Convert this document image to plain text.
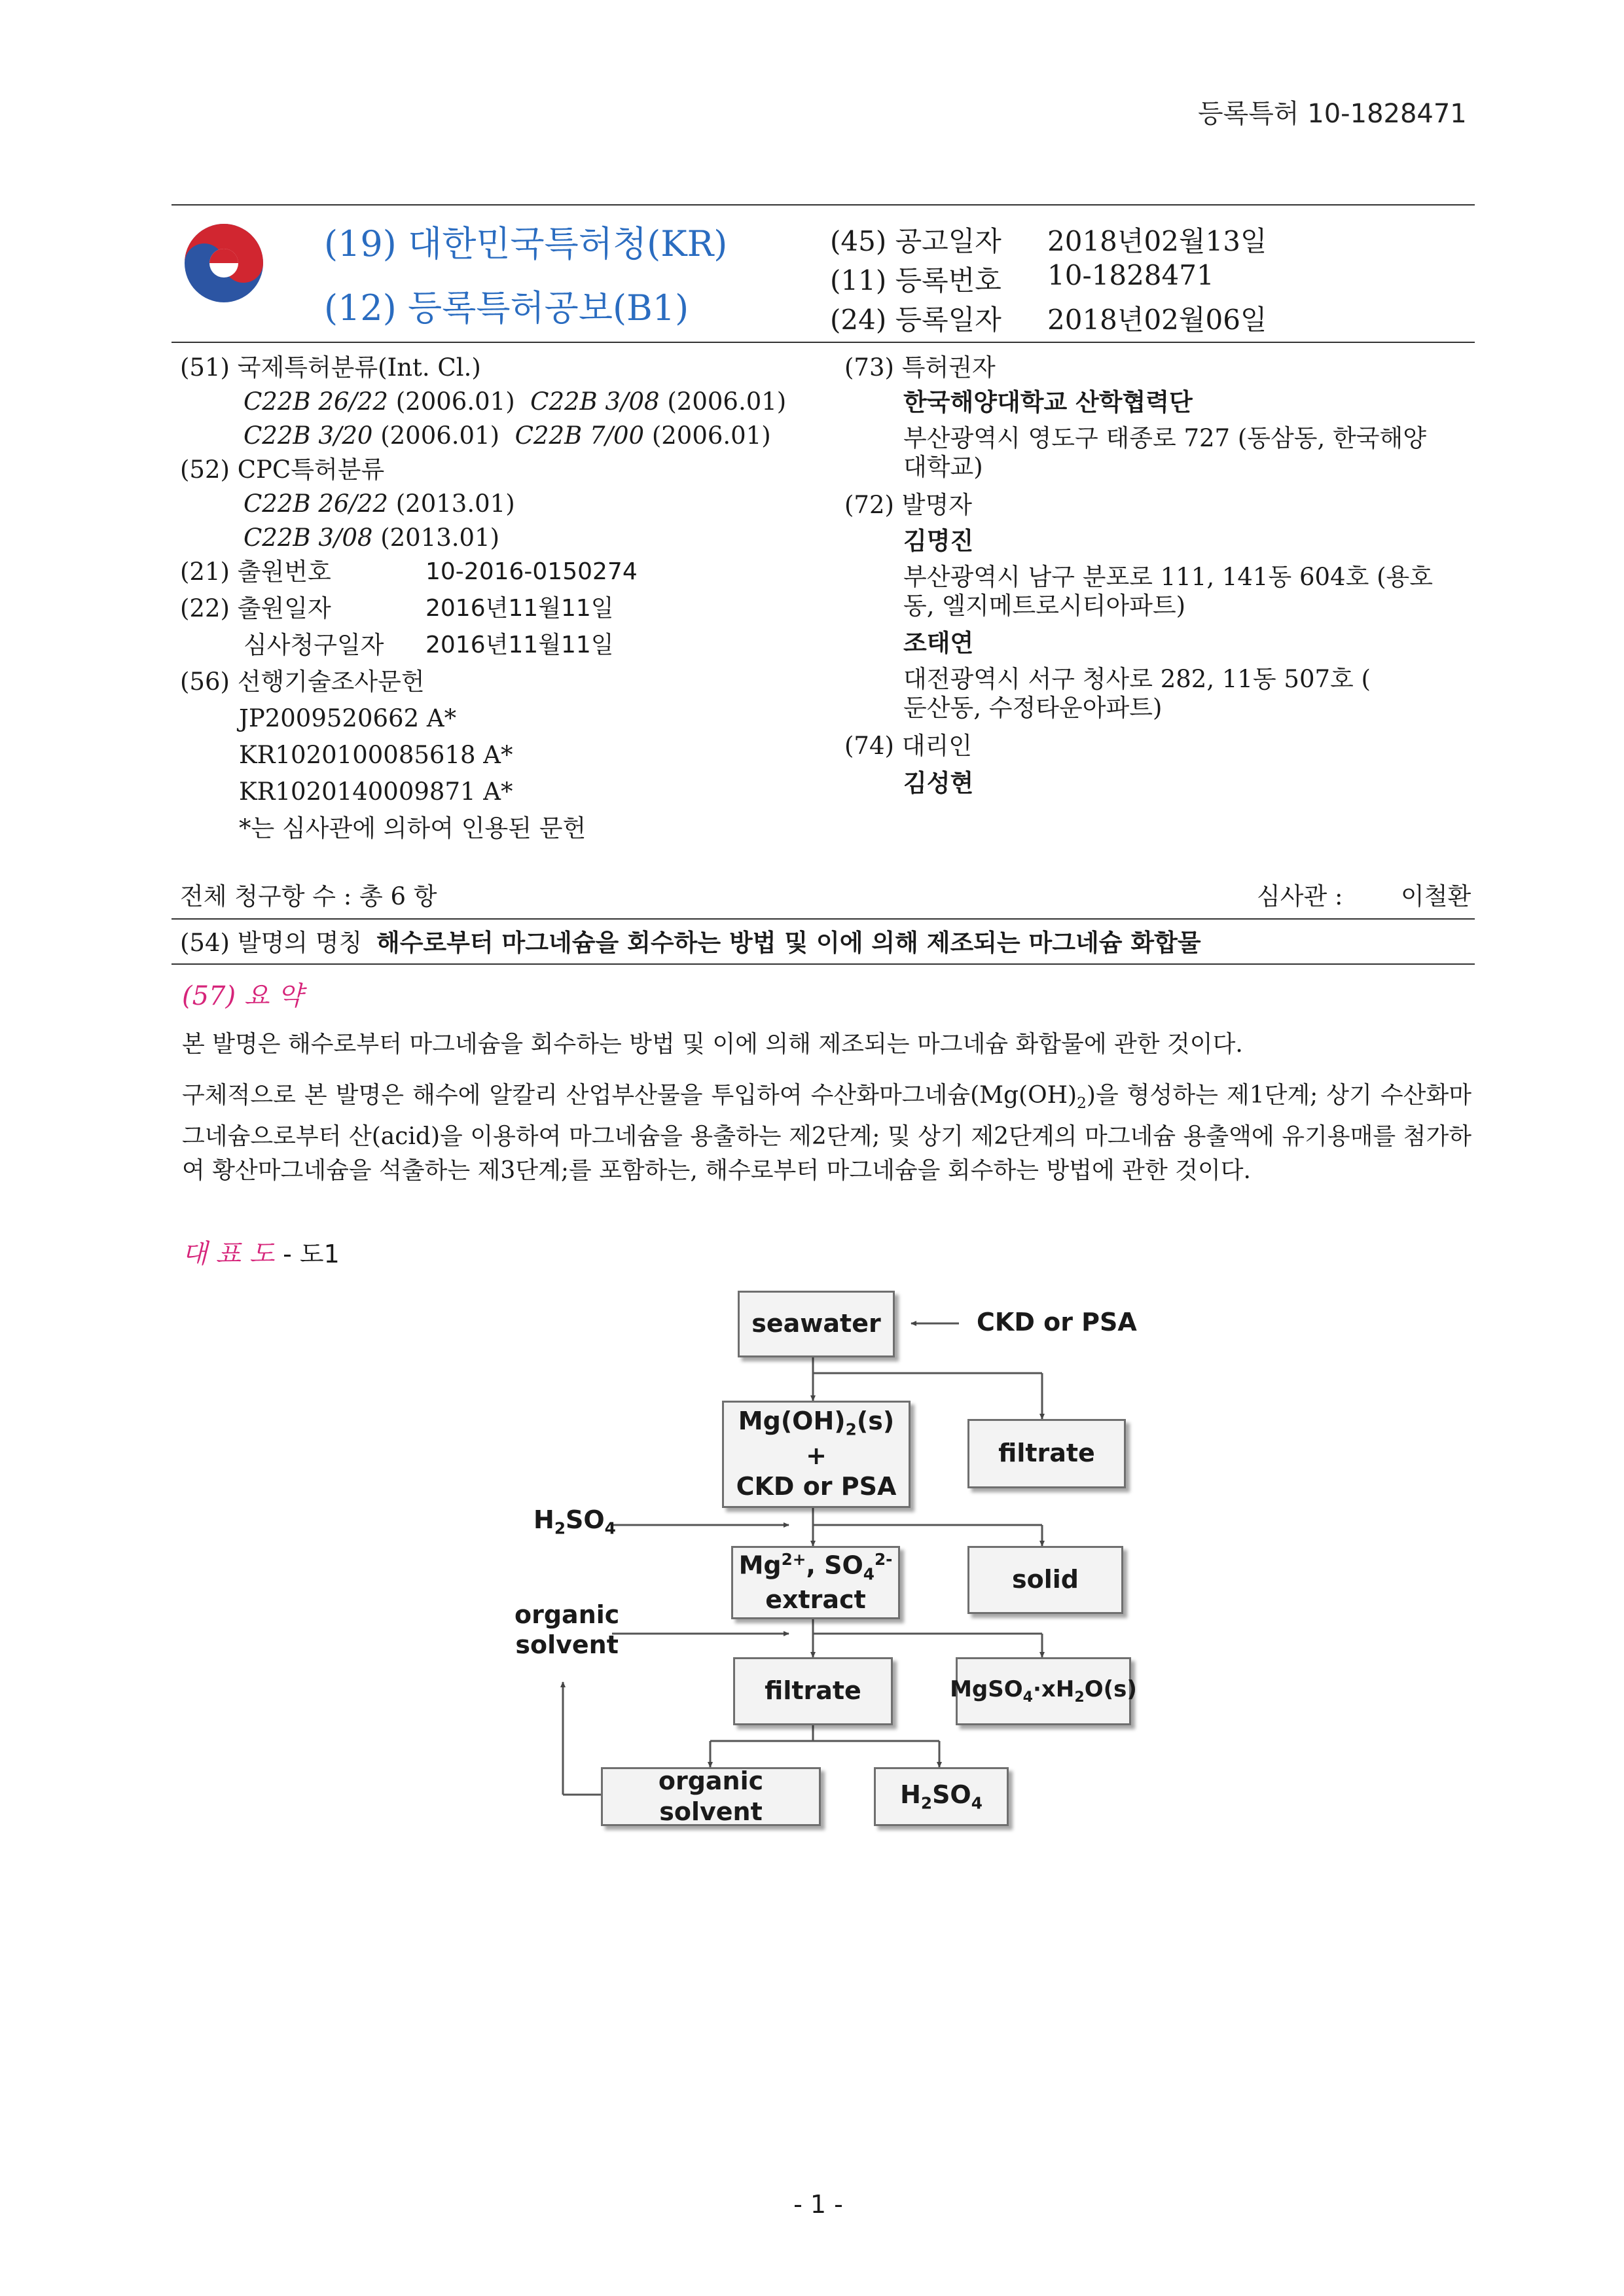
등록특허 10-1828471
(19) 대한민국특허청(KR)
(12) 등록특허공보(B1)
(45) 공고일자 2018년02월13일
(11) 등록번호 10-1828471
(24) 등록일자 2018년02월06일
(51) 국제특허분류(Int. Cl.)
C22B 26/22 (2006.01) C22B 3/08 (2006.01)
C22B 3/20 (2006.01) C22B 7/00 (2006.01)
(52) CPC특허분류
C22B 26/22 (2013.01)
C22B 3/08 (2013.01)
(21) 출원번호	10-2016-0150274
(22) 출원일자	2016년11월11일
심사청구일자 2016년11월11일
(56) 선행기술조사문헌
JP2009520662 A*
KR1020100085618 A*
KR1020140009871 A*
*는 심사관에 의하여 인용된 문헌
(73) 특허권자
한국해양대학교 산학협력단
부산광역시 영도구 태종로 727 (동삼동, 한국해양
대학교)
(72) 발명자
김명진
부산광역시 남구 분포로 111, 141동 604호 (용호
동, 엘지메트로시티아파트)
조태연
대전광역시 서구 청사로 282, 11동 507호 (
둔산동, 수정타운아파트)
(74) 대리인
김성현
전체 청구항 수 : 총 6 항	심사관 : 이철환
(54) 발명의 명칭 해수로부터 마그네슘을 회수하는 방법 및 이에 의해 제조되는 마그네슘 화합물
(57) 요 약
본 발명은 해수로부터 마그네슘을 회수하는 방법 및 이에 의해 제조되는 마그네슘 화합물에 관한 것이다.
구체적으로 본 발명은 해수에 알칼리 산업부산물을 투입하여 수산화마그네슘$(Mg(OH)_2)$을 형성하는 제1단계; 상기 수산화마그네슘으로부터 산(acid)을 이용하여 마그네슘을 용출하는 제2단계; 및 상기 제2단계의 마그네슘 용출액에 유기용매를 첨가하여 황산마그네슘을 석출하는 제3단계;를 포함하는, 해수로부터 마그네슘을 회수하는 방법에 관한 것이다.
대 표 도 - 도1
seawater	CKD or PSA
$Mg(OH)_2(s)$
+
CKD or PSA
filtrate
$H_2SO_4$
$Mg^{2+}$, $SO_4^{2-}$
extract
solid
organic
solvent
filtrate	$MgSO_4\cdot xH_2O(s)$
organic solvent
$H_2SO_4$
- 1 -
